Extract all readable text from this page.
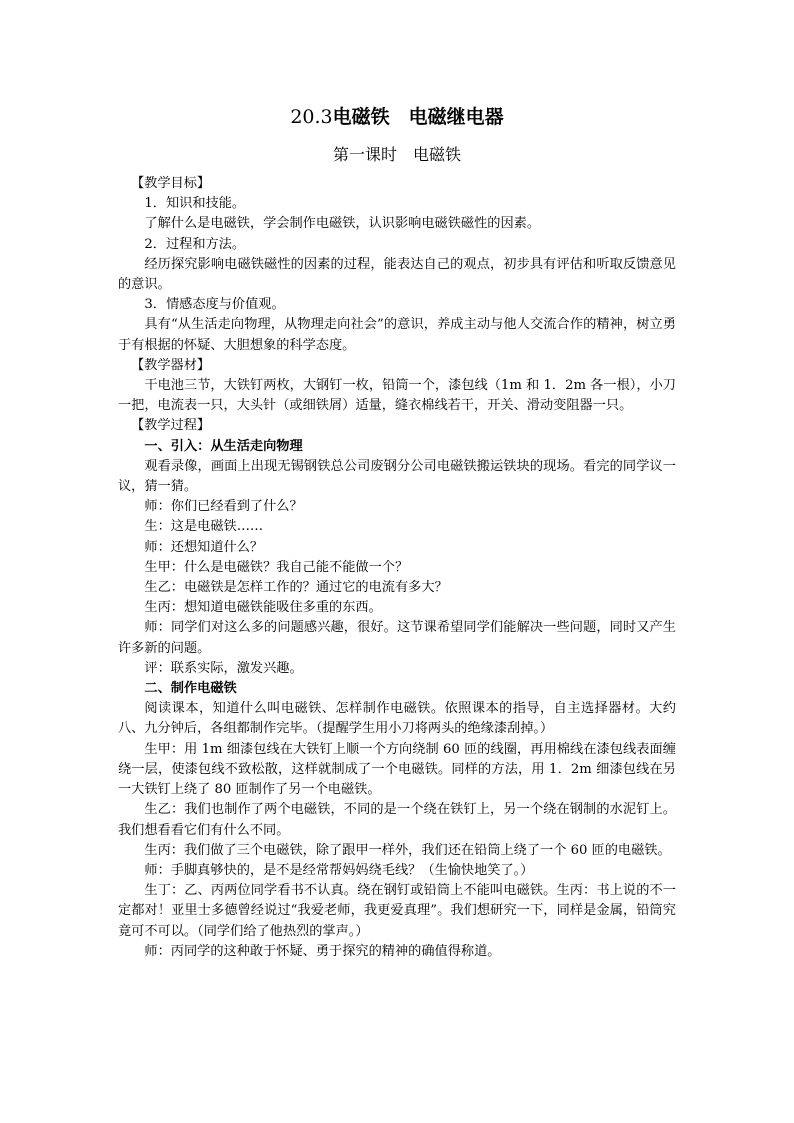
20.3电磁铁　电磁继电器
第一课时　电磁铁
【教学目标】
1．知识和技能。
了解什么是电磁铁，学会制作电磁铁，认识影响电磁铁磁性的因素。
2．过程和方法。
经历探究影响电磁铁磁性的因素的过程，能表达自己的观点，初步具有评估和听取反馈意见的意识。
3．情感态度与价值观。
具有“从生活走向物理，从物理走向社会”的意识，养成主动与他人交流合作的精神，树立勇于有根据的怀疑、大胆想象的科学态度。
【教学器材】
干电池三节，大铁钉两枚，大钢钉一枚，铅筒一个，漆包线（1m 和 1．2m 各一根），小刀一把，电流表一只，大头针（或细铁屑）适量，缝衣棉线若干，开关、滑动变阻器一只。
【教学过程】
一、引入：从生活走向物理
观看录像，画面上出现无锡钢铁总公司废钢分公司电磁铁搬运铁块的现场。看完的同学议一议，猜一猜。
师：你们已经看到了什么？
生：这是电磁铁……
师：还想知道什么？
生甲：什么是电磁铁？我自己能不能做一个？
生乙：电磁铁是怎样工作的？通过它的电流有多大？
生丙：想知道电磁铁能吸住多重的东西。
师：同学们对这么多的问题感兴趣，很好。这节课希望同学们能解决一些问题，同时又产生许多新的问题。
评：联系实际，激发兴趣。
二、制作电磁铁
阅读课本，知道什么叫电磁铁、怎样制作电磁铁。依照课本的指导，自主选择器材。大约八、九分钟后，各组都制作完毕。（提醒学生用小刀将两头的绝缘漆刮掉。）
生甲：用 1m 细漆包线在大铁钉上顺一个方向绕制 60 匝的线圈，再用棉线在漆包线表面缠绕一层，使漆包线不致松散，这样就制成了一个电磁铁。同样的方法，用 1．2m 细漆包线在另一大铁钉上绕了 80 匝制作了另一个电磁铁。
生乙：我们也制作了两个电磁铁，不同的是一个绕在铁钉上，另一个绕在钢制的水泥钉上。我们想看看它们有什么不同。
生丙：我们做了三个电磁铁，除了跟甲一样外，我们还在铅筒上绕了一个 60 匝的电磁铁。
师：手脚真够快的，是不是经常帮妈妈绕毛线？（生愉快地笑了。）
生丁：乙、丙两位同学看书不认真。绕在钢钉或铅筒上不能叫电磁铁。生丙：书上说的不一定都对！亚里士多德曾经说过“我爱老师，我更爱真理”。我们想研究一下，同样是金属，铅筒究竟可不可以。（同学们给了他热烈的掌声。）
师：丙同学的这种敢于怀疑、勇于探究的精神的确值得称道。
